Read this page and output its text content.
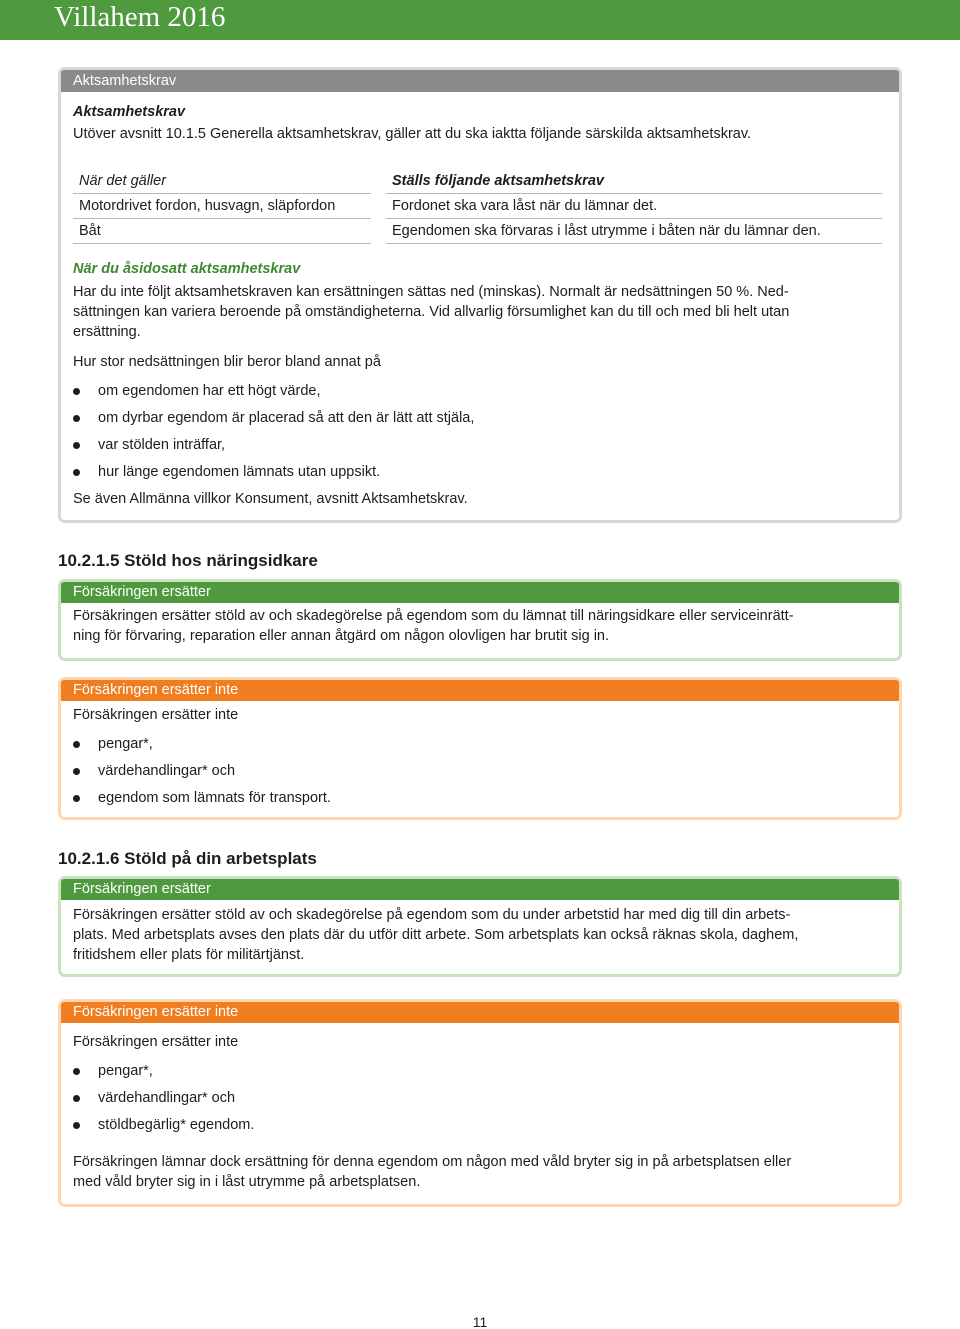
Villahem 2016
Aktsamhetskrav
Aktsamhetskrav
Utöver avsnitt 10.1.5 Generella aktsamhetskrav, gäller att du ska iaktta följande särskilda aktsamhetskrav.
När det gäller	Ställs följande aktsamhetskrav
Motordrivet fordon, husvagn, släpfordon	Fordonet ska vara låst när du lämnar det.
Båt	Egendomen ska förvaras i låst utrymme i båten när du lämnar den.
När du åsidosatt aktsamhetskrav
Har du inte följt aktsamhetskraven kan ersättningen sättas ned (minskas). Normalt är nedsättningen 50 %. Ned-
sättningen kan variera beroende på omständigheterna. Vid allvarlig försumlighet kan du till och med bli helt utan
ersättning.
Hur stor nedsättningen blir beror bland annat på
om egendomen har ett högt värde,
om dyrbar egendom är placerad så att den är lätt att stjäla,
var stölden inträffar,
hur länge egendomen lämnats utan uppsikt.
Se även Allmänna villkor Konsument, avsnitt Aktsamhetskrav.
10.2.1.5 Stöld hos näringsidkare
Försäkringen ersätter
Försäkringen ersätter stöld av och skadegörelse på egendom som du lämnat till näringsidkare eller serviceinrätt-
ning för förvaring, reparation eller annan åtgärd om någon olovligen har brutit sig in.
Försäkringen ersätter inte
Försäkringen ersätter inte
pengar*,
värdehandlingar* och
egendom som lämnats för transport.
10.2.1.6 Stöld på din arbetsplats
Försäkringen ersätter
Försäkringen ersätter stöld av och skadegörelse på egendom som du under arbetstid har med dig till din arbets-
plats. Med arbetsplats avses den plats där du utför ditt arbete. Som arbetsplats kan också räknas skola, daghem,
fritidshem eller plats för militärtjänst.
Försäkringen ersätter inte
Försäkringen ersätter inte
pengar*,
värdehandlingar* och
stöldbegärlig* egendom.
Försäkringen lämnar dock ersättning för denna egendom om någon med våld bryter sig in på arbetsplatsen eller
med våld bryter sig in i låst utrymme på arbetsplatsen.
11
